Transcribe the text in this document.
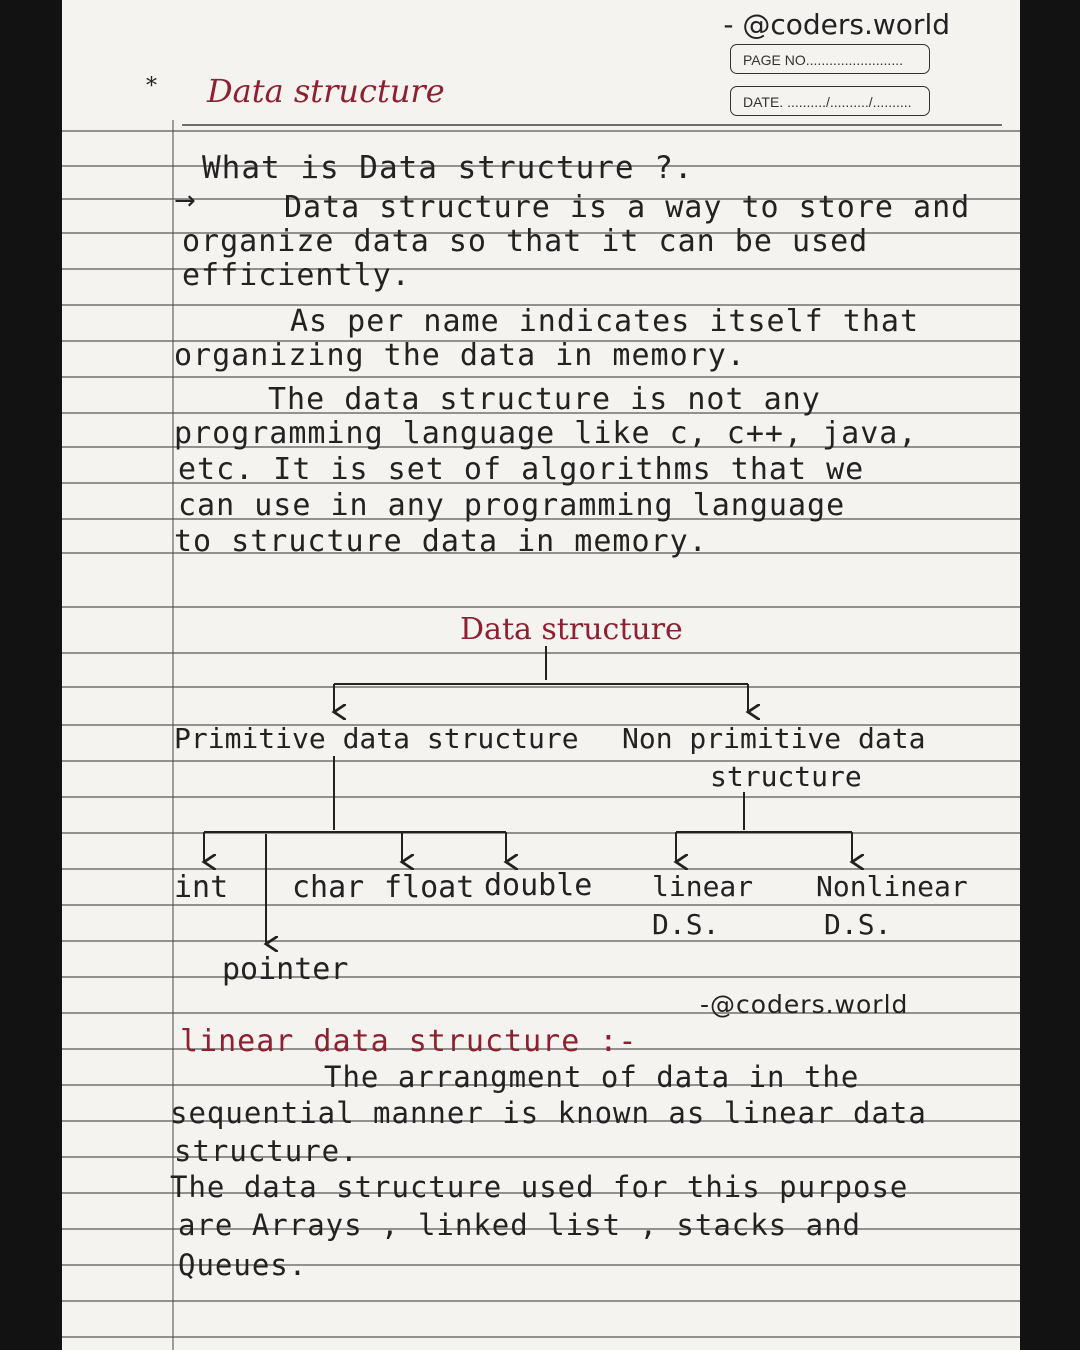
- @coders.world
PAGE NO.........................
DATE. ........../........../..........
* Data structure
What is Data structure ?.
→	Data structure is a way to store and
organize data so that it can be used
efficiently.
As per name indicates itself that
organizing the data in memory.
The data structure is not any
programming language like c, c++, java,
etc. It is set of algorithms that we
can use in any programming language
to structure data in memory.
Data structure
Primitive data structure Non primitive data
structure
int char float double
pointer
linear
D.S.
Nonlinear
D.S.
-@coders.world
linear data structure :-
The arrangment of data in the
sequential manner is known as linear data
structure.
The data structure used for this purpose
are Arrays , linked list , stacks and
Queues.
